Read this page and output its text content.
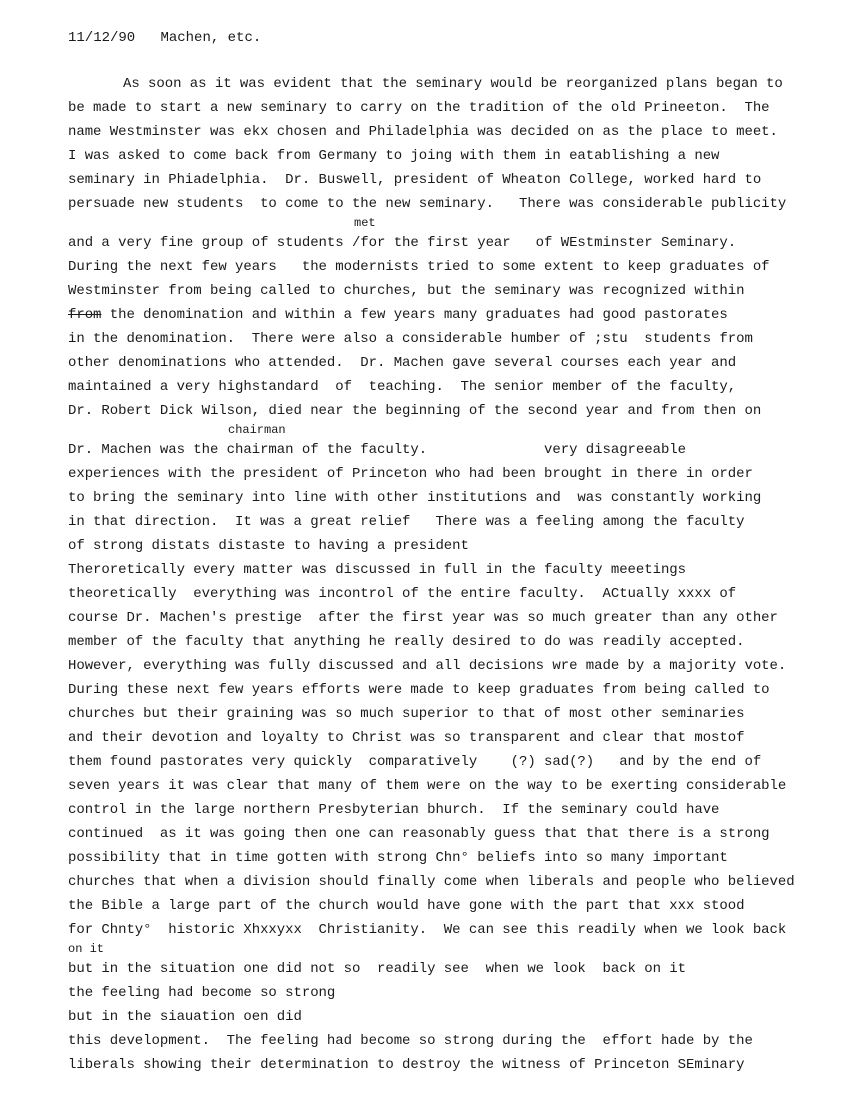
11/12/90 Machen, etc.
As soon as it was evident that the seminary would be reorganized plans began to
be made to start a new seminary to carry on the tradition of the old Prineeton.  The
name Westminster was ekx chosen and Philadelphia was decided on as the place to meet.
I was asked to come back from Germany to joing with them in eatablishing a new
seminary in Phiadelphia.  Dr. Buswell, president of Wheaton College, worked hard to
persuade new students  to come to the new seminary.   There was considerable publicity
met
and a very fine group of students /for the first year   of WEstminster Seminary.
During the next few years   the modernists tried to some extent to keep graduates of
Westminster from being called to churches, but the seminary was recognized within
from the denomination and within a few years many graduates had good pastorates
in the denomination.  There were also a considerable humber of ;stu  students from
other denominations who attended.  Dr. Machen gave several courses each year and
maintained a very highstandard  of  teaching.  The senior member of the faculty,
Dr. Robert Dick Wilson, died near the beginning of the second year and from then on
chairman
Dr. Machen was the chairman of the faculty.              very disagreeable
experiences with the president of Princeton who had been brought in there in order
to bring the seminary into line with other institutions and  was constantly working
in that direction.  It was a great relief   There was a feeling among the faculty
of strong distats distaste to having a president
Theroretically every matter was discussed in full in the faculty meeetings
theoretically  everything was incontrol of the entire faculty.  ACtually xxxx of
course Dr. Machen's prestige  after the first year was so much greater than any other
member of the faculty that anything he really desired to do was readily accepted.
However, everything was fully discussed and all decisions wre made by a majority vote.
During these next few years efforts were made to keep graduates from being called to
churches but their graining was so much superior to that of most other seminaries
and their devotion and loyalty to Christ was so transparent and clear that mostof
them found pastorates very quickly  comparatively    (?) sad(?)   and by the end of
seven years it was clear that many of them were on the way to be exerting considerable
control in the large northern Presbyterian bhurch.  If the seminary could have
continued  as it was going then one can reasonably guess that that there is a strong
possibility that in time gotten with strong Chn° beliefs into so many important
churches that when a division should finally come when liberals and people who believed
the Bible a large part of the church would have gone with the part that xxx stood
for Chnty°  historic Xhxxyxx  Christianity.  We can see this readily when we look back
on it
but in the situation one did not so  readily see  when we look  back on it
the feeling had become so strong
but in the siauation oen did
this development.  The feeling had become so strong during the  effort hade by the
liberals showing their determination to destroy the witness of Princeton SEminary
